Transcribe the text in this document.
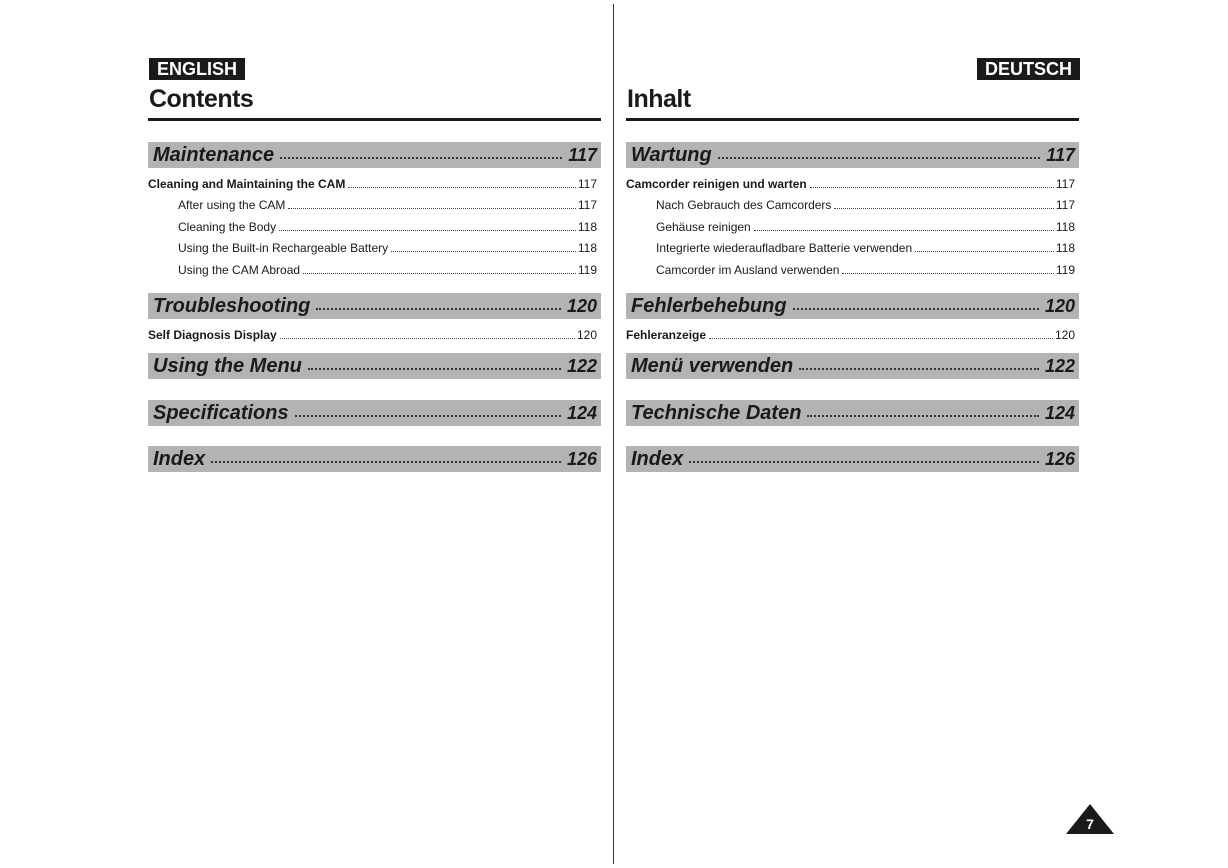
ENGLISH
Contents
Maintenance	117
Cleaning and Maintaining the CAM	117
After using the CAM	117
Cleaning the Body	118
Using the Built-in Rechargeable Battery	118
Using the CAM Abroad	119
Troubleshooting	120
Self Diagnosis Display	120
Using the Menu	122
Specifications	124
Index	126
DEUTSCH
Inhalt
Wartung	117
Camcorder reinigen und warten	117
Nach Gebrauch des Camcorders	117
Gehäuse reinigen	118
Integrierte wiederaufladbare Batterie verwenden	118
Camcorder im Ausland verwenden	119
Fehlerbehebung	120
Fehleranzeige	120
Menü verwenden	122
Technische Daten	124
Index	126
7
